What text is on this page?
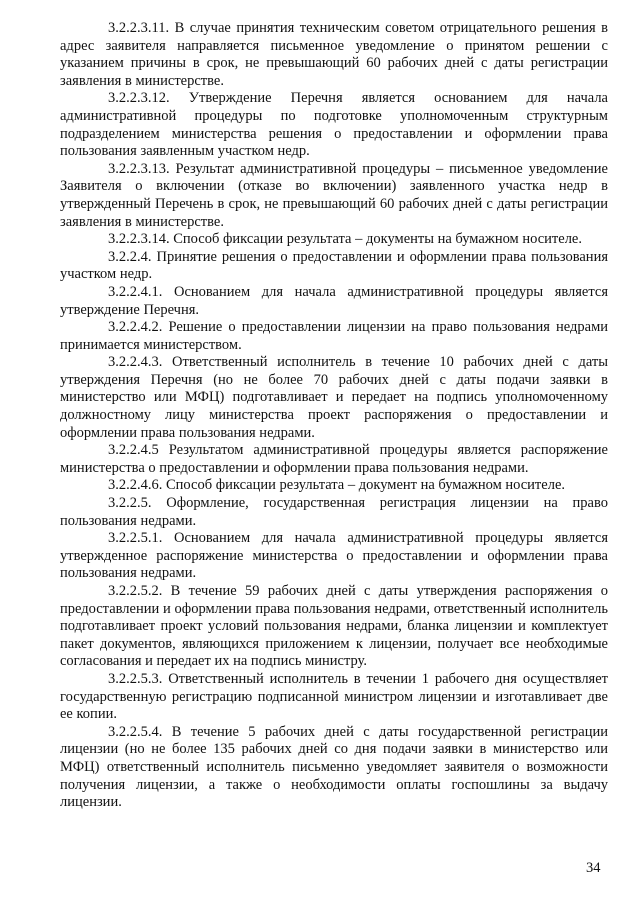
3.2.2.3.11. В случае принятия техническим советом отрицательного решения в адрес заявителя направляется письменное уведомление о принятом решении с указанием причины в срок, не превышающий 60 рабочих дней с даты регистрации заявления в министерстве.

3.2.2.3.12. Утверждение Перечня является основанием для начала административной процедуры по подготовке уполномоченным структурным подразделением министерства решения о предоставлении и оформлении права пользования заявленным участком недр.

3.2.2.3.13. Результат административной процедуры – письменное уведомление Заявителя о включении (отказе во включении) заявленного участка недр в утвержденный Перечень в срок, не превышающий 60 рабочих дней с даты регистрации заявления в министерстве.

3.2.2.3.14. Способ фиксации результата – документы на бумажном носителе.

3.2.2.4. Принятие решения о предоставлении и оформлении права пользования участком недр.

3.2.2.4.1. Основанием для начала административной процедуры является утверждение Перечня.

3.2.2.4.2. Решение о предоставлении лицензии на право пользования недрами принимается министерством.

3.2.2.4.3. Ответственный исполнитель в течение 10 рабочих дней с даты утверждения Перечня (но не более 70 рабочих дней с даты подачи заявки в министерство или МФЦ) подготавливает и передает на подпись уполномоченному должностному лицу министерства проект распоряжения о предоставлении и оформлении права пользования недрами.

3.2.2.4.5 Результатом административной процедуры является распоряжение министерства о предоставлении и оформлении права пользования недрами.

3.2.2.4.6. Способ фиксации результата – документ на бумажном носителе.

3.2.2.5. Оформление, государственная регистрация лицензии на право пользования недрами.

3.2.2.5.1. Основанием для начала административной процедуры является утвержденное распоряжение министерства о предоставлении и оформлении права пользования недрами.

3.2.2.5.2. В течение 59 рабочих дней с даты утверждения распоряжения о предоставлении и оформлении права пользования недрами, ответственный исполнитель подготавливает проект условий пользования недрами, бланка лицензии и комплектует пакет документов, являющихся приложением к лицензии, получает все необходимые согласования и передает их на подпись министру.

3.2.2.5.3. Ответственный исполнитель в течении 1 рабочего дня осуществляет государственную регистрацию подписанной министром лицензии и изготавливает две ее копии.

3.2.2.5.4. В течение 5 рабочих дней с даты государственной регистрации лицензии (но не более 135 рабочих дней со дня подачи заявки в министерство или МФЦ) ответственный исполнитель письменно уведомляет заявителя о возможности получения лицензии, а также о необходимости оплаты госпошлины за выдачу лицензии.

34
